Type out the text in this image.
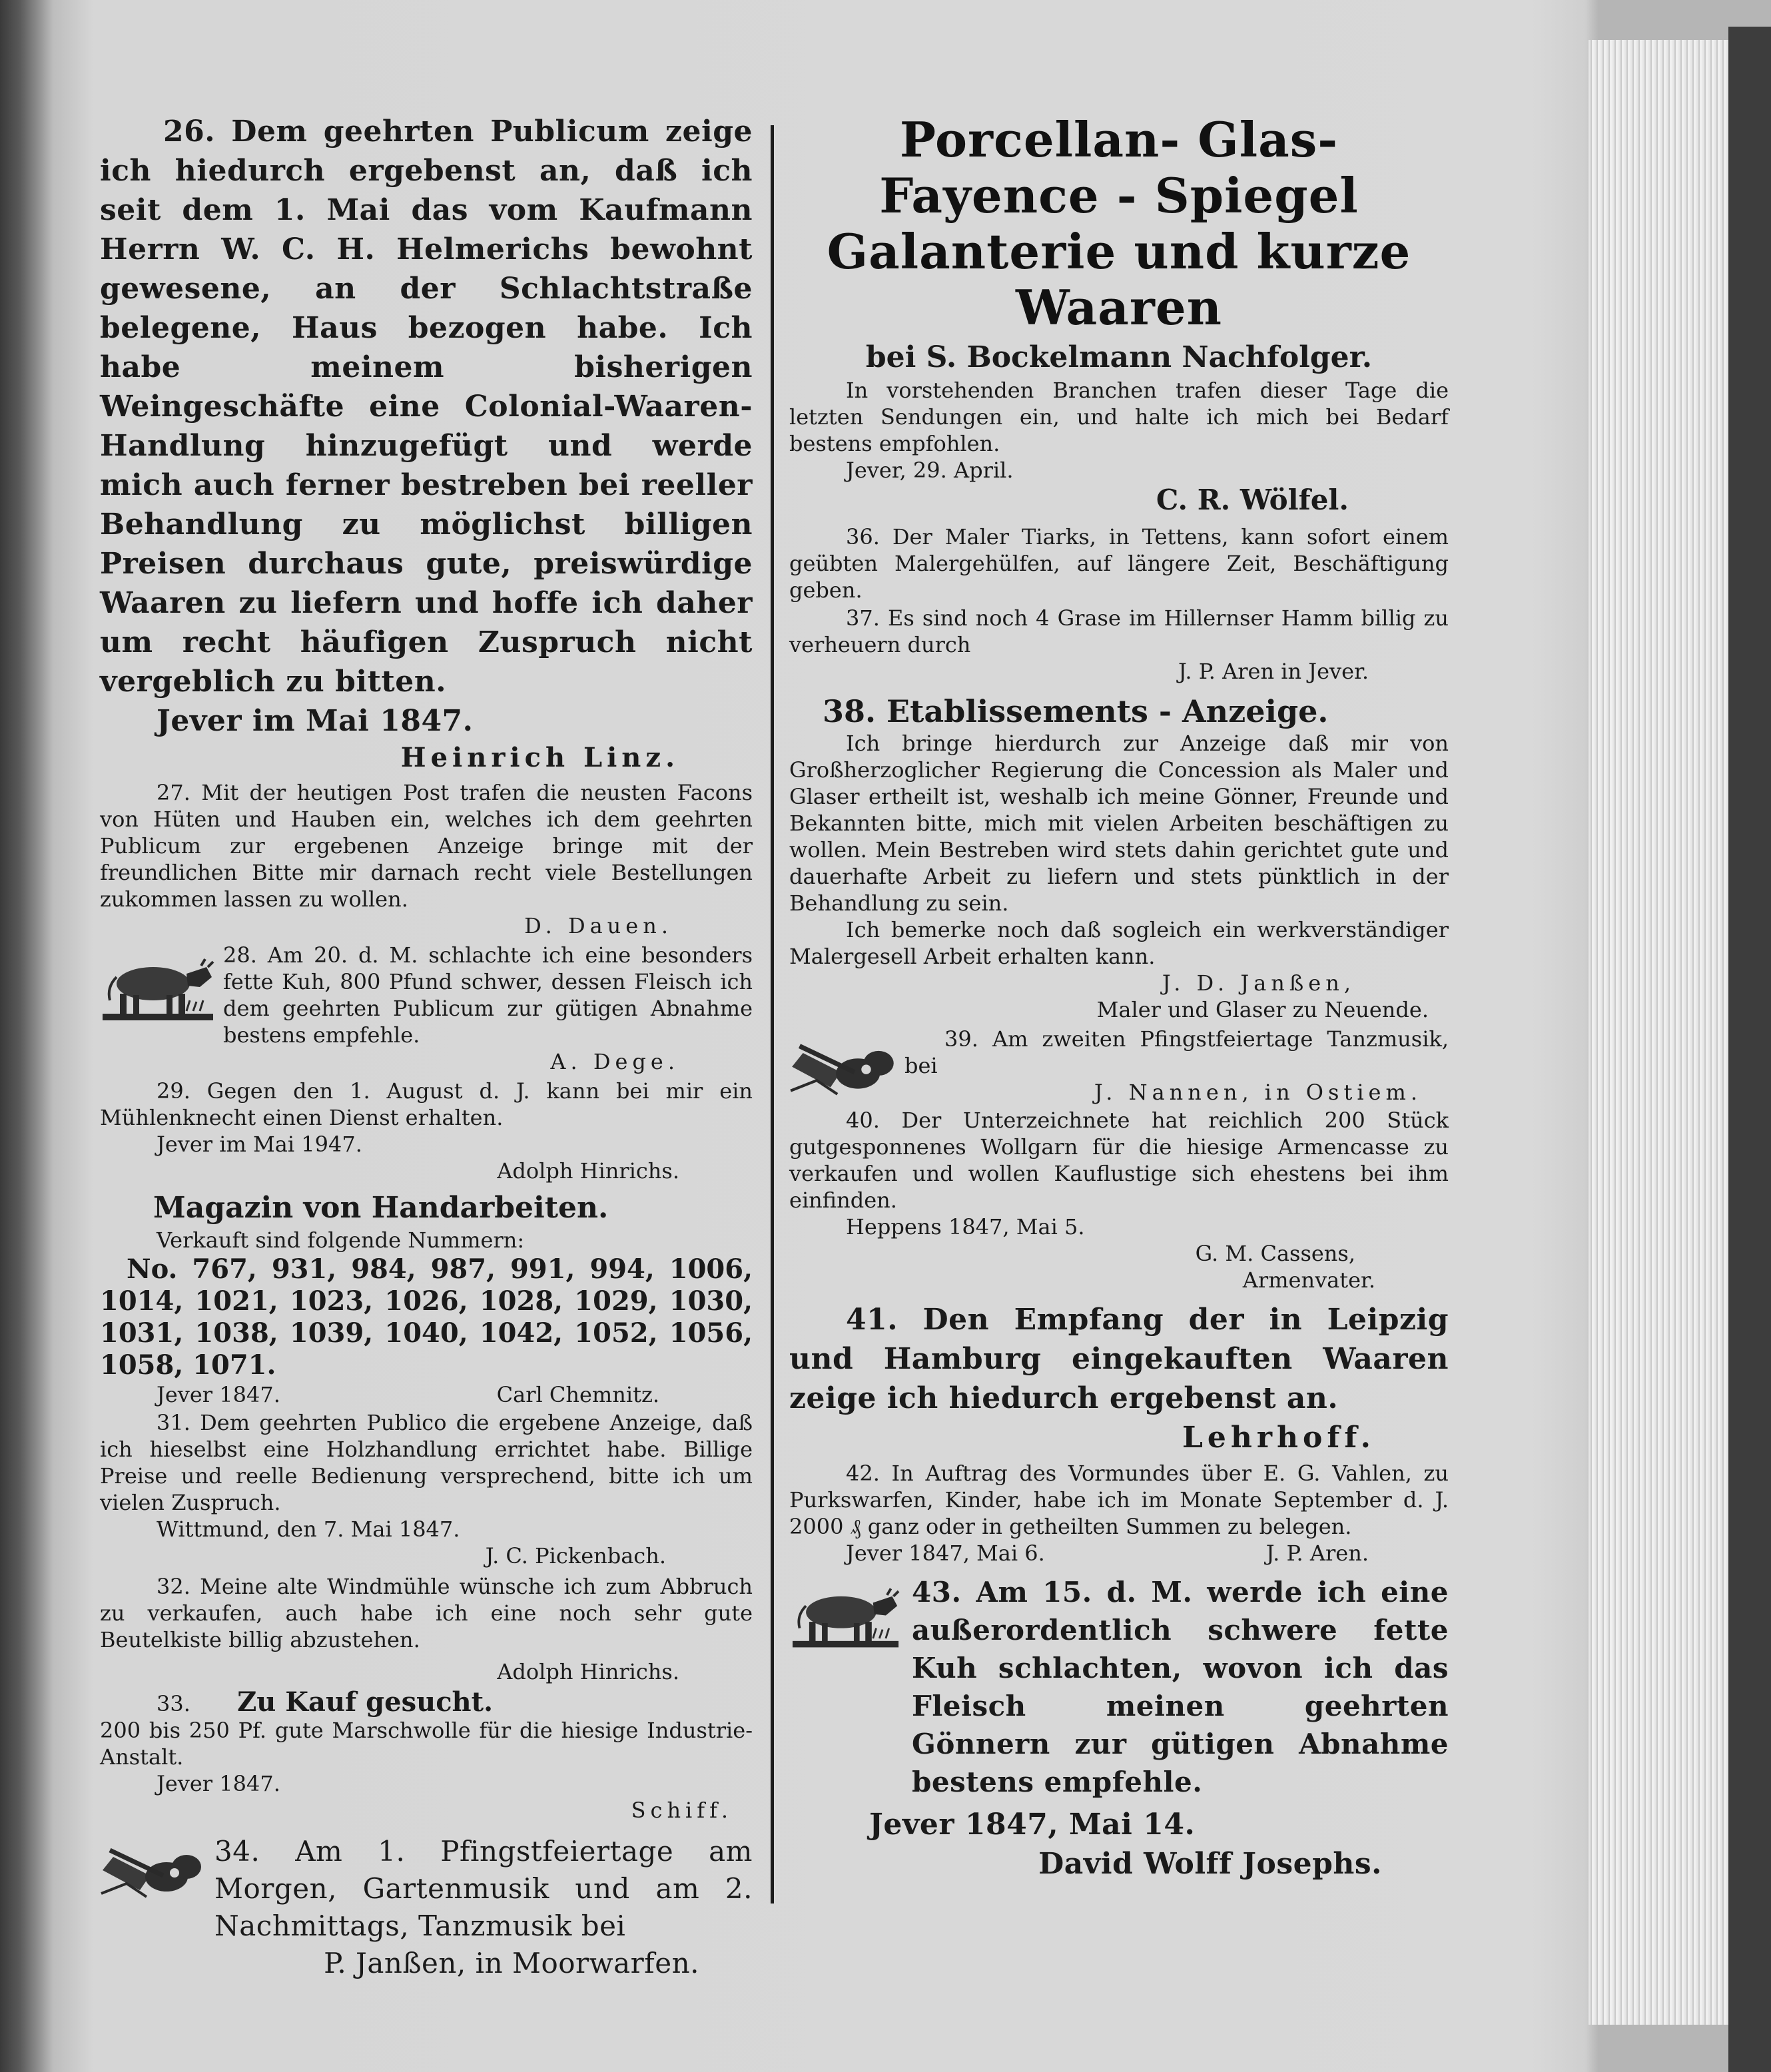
26. Dem geehrten Publicum zeige ich hiedurch ergebenst an, daß ich seit dem 1. Mai das vom Kaufmann Herrn W. C. H. Helmerichs bewohnt gewesene, an der Schlachtstraße belegene, Haus bezogen habe. Ich habe meinem bisherigen Weingeschäfte eine Colonial-Waaren-Handlung hinzugefügt und werde mich auch ferner bestreben bei reeller Behandlung zu möglichst billigen Preisen durchaus gute, preiswürdige Waaren zu liefern und hoffe ich daher um recht häufigen Zuspruch nicht vergeblich zu bitten.

Jever im Mai 1847.

Heinrich Linz.

27. Mit der heutigen Post trafen die neusten Facons von Hüten und Hauben ein, welches ich dem geehrten Publicum zur ergebenen Anzeige bringe mit der freundlichen Bitte mir darnach recht viele Bestellungen zukommen lassen zu wollen.

D. Dauen.

28. Am 20. d. M. schlachte ich eine besonders fette Kuh, 800 Pfund schwer, dessen Fleisch ich dem geehrten Publicum zur gütigen Abnahme bestens empfehle.

A. Dege.

29. Gegen den 1. August d. J. kann bei mir ein Mühlenknecht einen Dienst erhalten.

Jever im Mai 1947.

Adolph Hinrichs.

Magazin von Handarbeiten.

Verkauft sind folgende Nummern:

No. 767, 931, 984, 987, 991, 994, 1006, 1014, 1021, 1023, 1026, 1028, 1029, 1030, 1031, 1038, 1039, 1040, 1042, 1052, 1056, 1058, 1071.

Jever 1847.	Carl Chemnitz.

31. Dem geehrten Publico die ergebene Anzeige, daß ich hieselbst eine Holzhandlung errichtet habe. Billige Preise und reelle Bedienung versprechend, bitte ich um vielen Zuspruch.

Wittmund, den 7. Mai 1847.

J. C. Pickenbach.

32. Meine alte Windmühle wünsche ich zum Abbruch zu verkaufen, auch habe ich eine noch sehr gute Beutelkiste billig abzustehen.

Adolph Hinrichs.

33. Zu Kauf gesucht.

200 bis 250 Pf. gute Marschwolle für die hiesige Industrie-Anstalt.

Jever 1847.

Schiff.

34. Am 1. Pfingstfeiertage am Morgen, Gartenmusik und am 2. Nachmittags, Tanzmusik bei

P. Janßen, in Moorwarfen.

Porcellan- Glas- Fayence - Spiegel Galanterie und kurze Waaren

bei S. Bockelmann Nachfolger.

In vorstehenden Branchen trafen dieser Tage die letzten Sendungen ein, und halte ich mich bei Bedarf bestens empfohlen.

Jever, 29. April.

C. R. Wölfel.

36. Der Maler Tiarks, in Tettens, kann sofort einem geübten Malergehülfen, auf längere Zeit, Beschäftigung geben.

37. Es sind noch 4 Grase im Hillernser Hamm billig zu verheuern durch

J. P. Aren in Jever.

38. Etablissements - Anzeige.

Ich bringe hierdurch zur Anzeige daß mir von Großherzoglicher Regierung die Concession als Maler und Glaser ertheilt ist, weshalb ich meine Gönner, Freunde und Bekannten bitte, mich mit vielen Arbeiten beschäftigen zu wollen. Mein Bestreben wird stets dahin gerichtet gute und dauerhafte Arbeit zu liefern und stets pünktlich in der Behandlung zu sein.

Ich bemerke noch daß sogleich ein werkverständiger Malergesell Arbeit erhalten kann.

J. D. Janßen,

Maler und Glaser zu Neuende.

39. Am zweiten Pfingstfeiertage Tanzmusik, bei

J. Nannen, in Ostiem.

40. Der Unterzeichnete hat reichlich 200 Stück gutgesponnenes Wollgarn für die hiesige Armencasse zu verkaufen und wollen Kauflustige sich ehestens bei ihm einfinden.

Heppens 1847, Mai 5.

G. M. Cassens,

Armenvater.

41. Den Empfang der in Leipzig und Hamburg eingekauften Waaren zeige ich hiedurch ergebenst an.

Lehrhoff.

42. In Auftrag des Vormundes über E. G. Vahlen, zu Purkswarfen, Kinder, habe ich im Monate September d. J. 2000 ₰ ganz oder in getheilten Summen zu belegen.

Jever 1847, Mai 6.	J. P. Aren.

43. Am 15. d. M. werde ich eine außerordentlich schwere fette Kuh schlachten, wovon ich das Fleisch meinen geehrten Gönnern zur gütigen Abnahme bestens empfehle.

Jever 1847, Mai 14.

David Wolff Josephs.
